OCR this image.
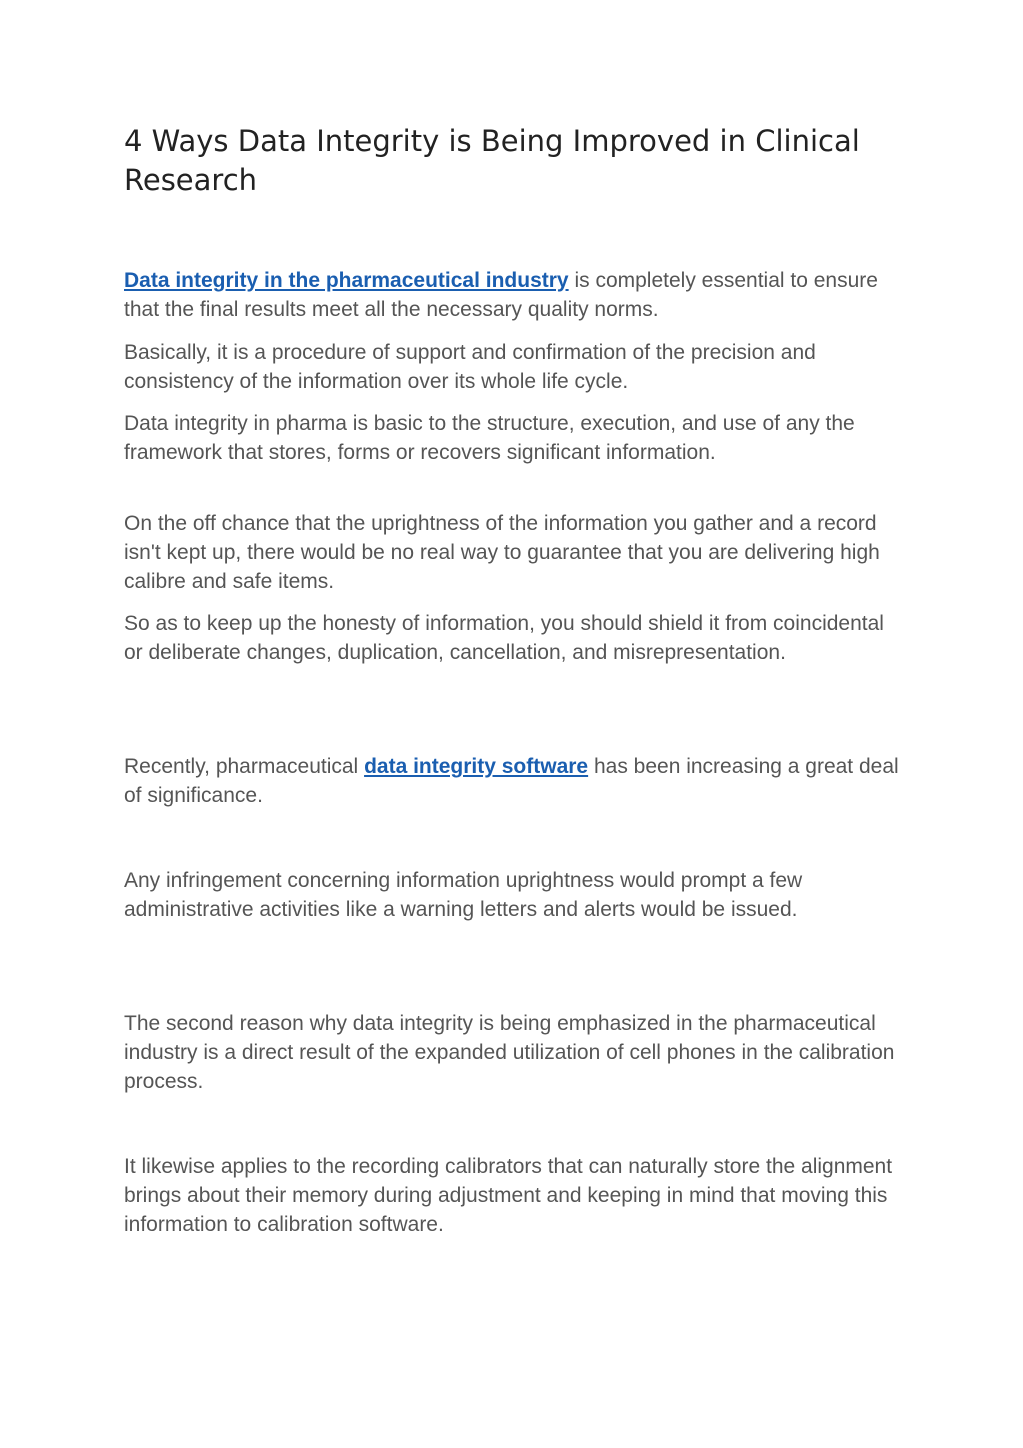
4 Ways Data Integrity is Being Improved in Clinical Research

Data integrity in the pharmaceutical industry is completely essential to ensure that the final results meet all the necessary quality norms.

Basically, it is a procedure of support and confirmation of the precision and consistency of the information over its whole life cycle.

Data integrity in pharma is basic to the structure, execution, and use of any the framework that stores, forms or recovers significant information.

On the off chance that the uprightness of the information you gather and a record isn't kept up, there would be no real way to guarantee that you are delivering high calibre and safe items.

So as to keep up the honesty of information, you should shield it from coincidental or deliberate changes, duplication, cancellation, and misrepresentation.

Recently, pharmaceutical data integrity software has been increasing a great deal of significance.

Any infringement concerning information uprightness would prompt a few administrative activities like a warning letters and alerts would be issued.

The second reason why data integrity is being emphasized in the pharmaceutical industry is a direct result of the expanded utilization of cell phones in the calibration process.

It likewise applies to the recording calibrators that can naturally store the alignment brings about their memory during adjustment and keeping in mind that moving this information to calibration software.
